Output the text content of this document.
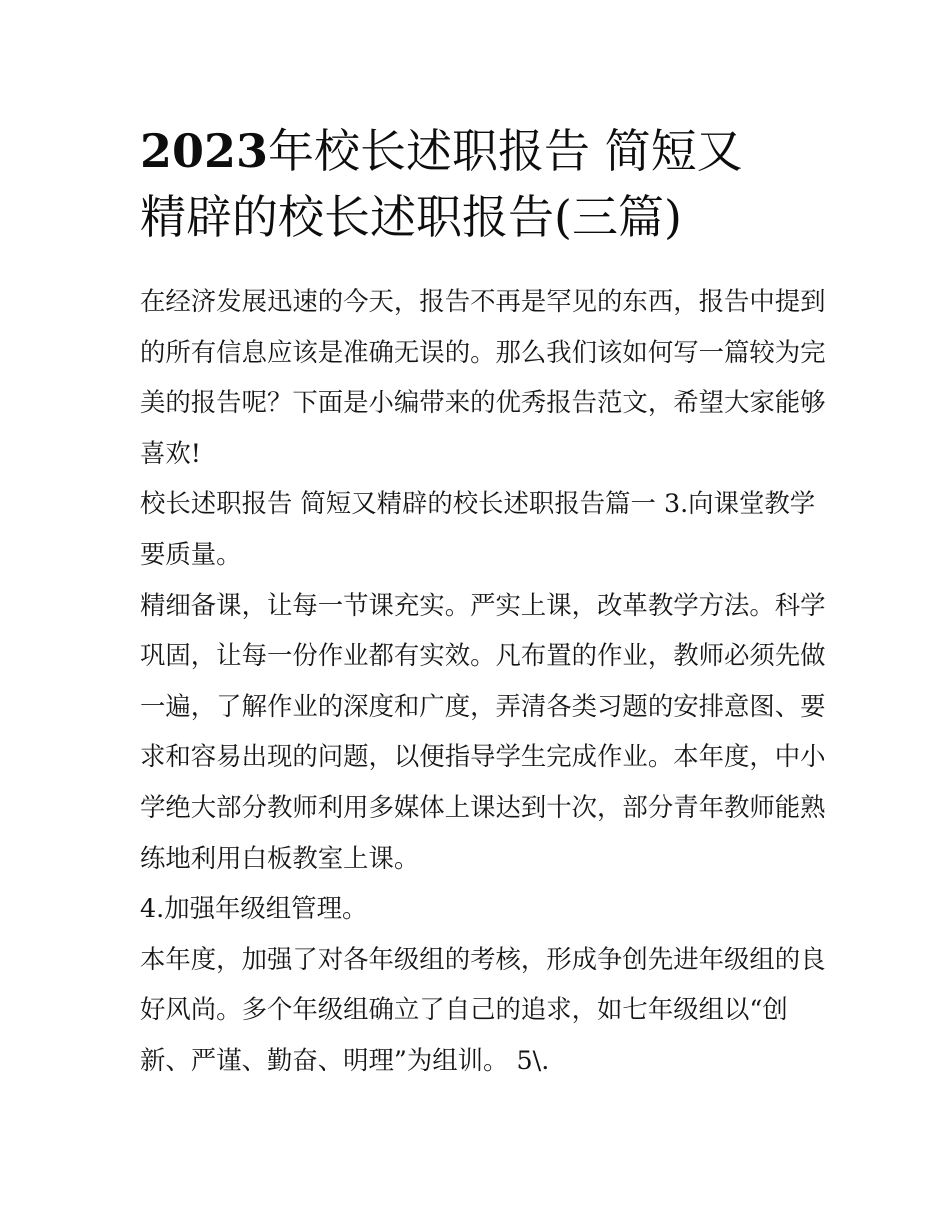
2023年校长述职报告 简短又
精辟的校长述职报告(三篇)

在经济发展迅速的今天，报告不再是罕见的东西，报告中提到
的所有信息应该是准确无误的。那么我们该如何写一篇较为完
美的报告呢？下面是小编带来的优秀报告范文，希望大家能够
喜欢!

校长述职报告 简短又精辟的校长述职报告篇一 3.向课堂教学
要质量。

精细备课，让每一节课充实。严实上课，改革教学方法。科学
巩固，让每一份作业都有实效。凡布置的作业，教师必须先做
一遍，了解作业的深度和广度，弄清各类习题的安排意图、要
求和容易出现的问题，以便指导学生完成作业。本年度，中小
学绝大部分教师利用多媒体上课达到十次，部分青年教师能熟
练地利用白板教室上课。

4.加强年级组管理。

本年度，加强了对各年级组的考核，形成争创先进年级组的良
好风尚。多个年级组确立了自己的追求，如七年级组以“创
新、严谨、勤奋、明理”为组训。 5\.
